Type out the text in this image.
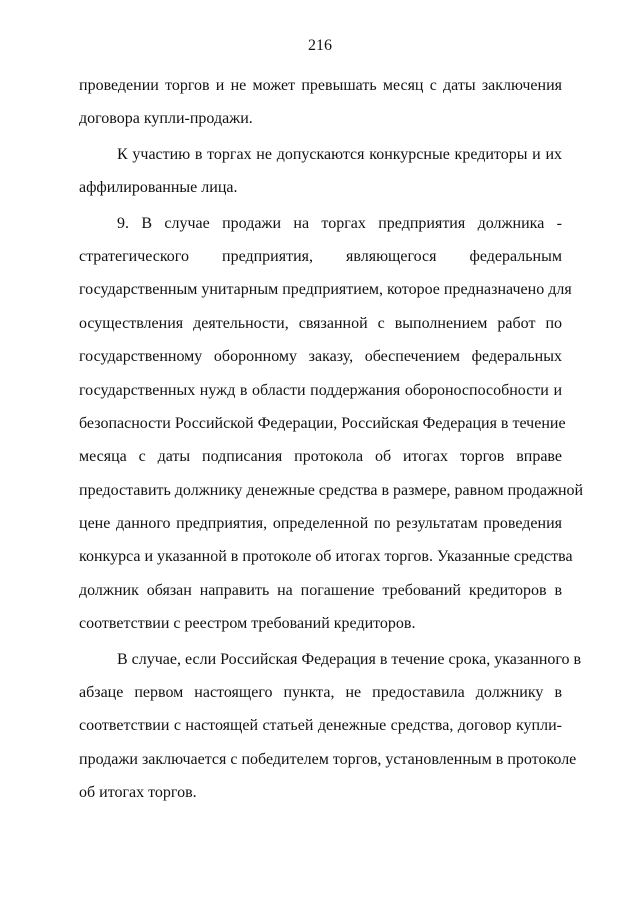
216
проведении торгов и не может превышать месяц с даты заключения
договора купли-продажи.
К участию в торгах не допускаются конкурсные кредиторы и их
аффилированные лица.
9. В случае продажи на торгах предприятия должника -
стратегического предприятия, являющегося федеральным
государственным унитарным предприятием, которое предназначено для
осуществления деятельности, связанной с выполнением работ по
государственному оборонному заказу, обеспечением федеральных
государственных нужд в области поддержания обороноспособности и
безопасности Российской Федерации, Российская Федерация в течение
месяца с даты подписания протокола об итогах торгов вправе
предоставить должнику денежные средства в размере, равном продажной
цене данного предприятия, определенной по результатам проведения
конкурса и указанной в протоколе об итогах торгов. Указанные средства
должник обязан направить на погашение требований кредиторов в
соответствии с реестром требований кредиторов.
В случае, если Российская Федерация в течение срока, указанного в
абзаце первом настоящего пункта, не предоставила должнику в
соответствии с настоящей статьей денежные средства, договор купли-
продажи заключается с победителем торгов, установленным в протоколе
об итогах торгов.
